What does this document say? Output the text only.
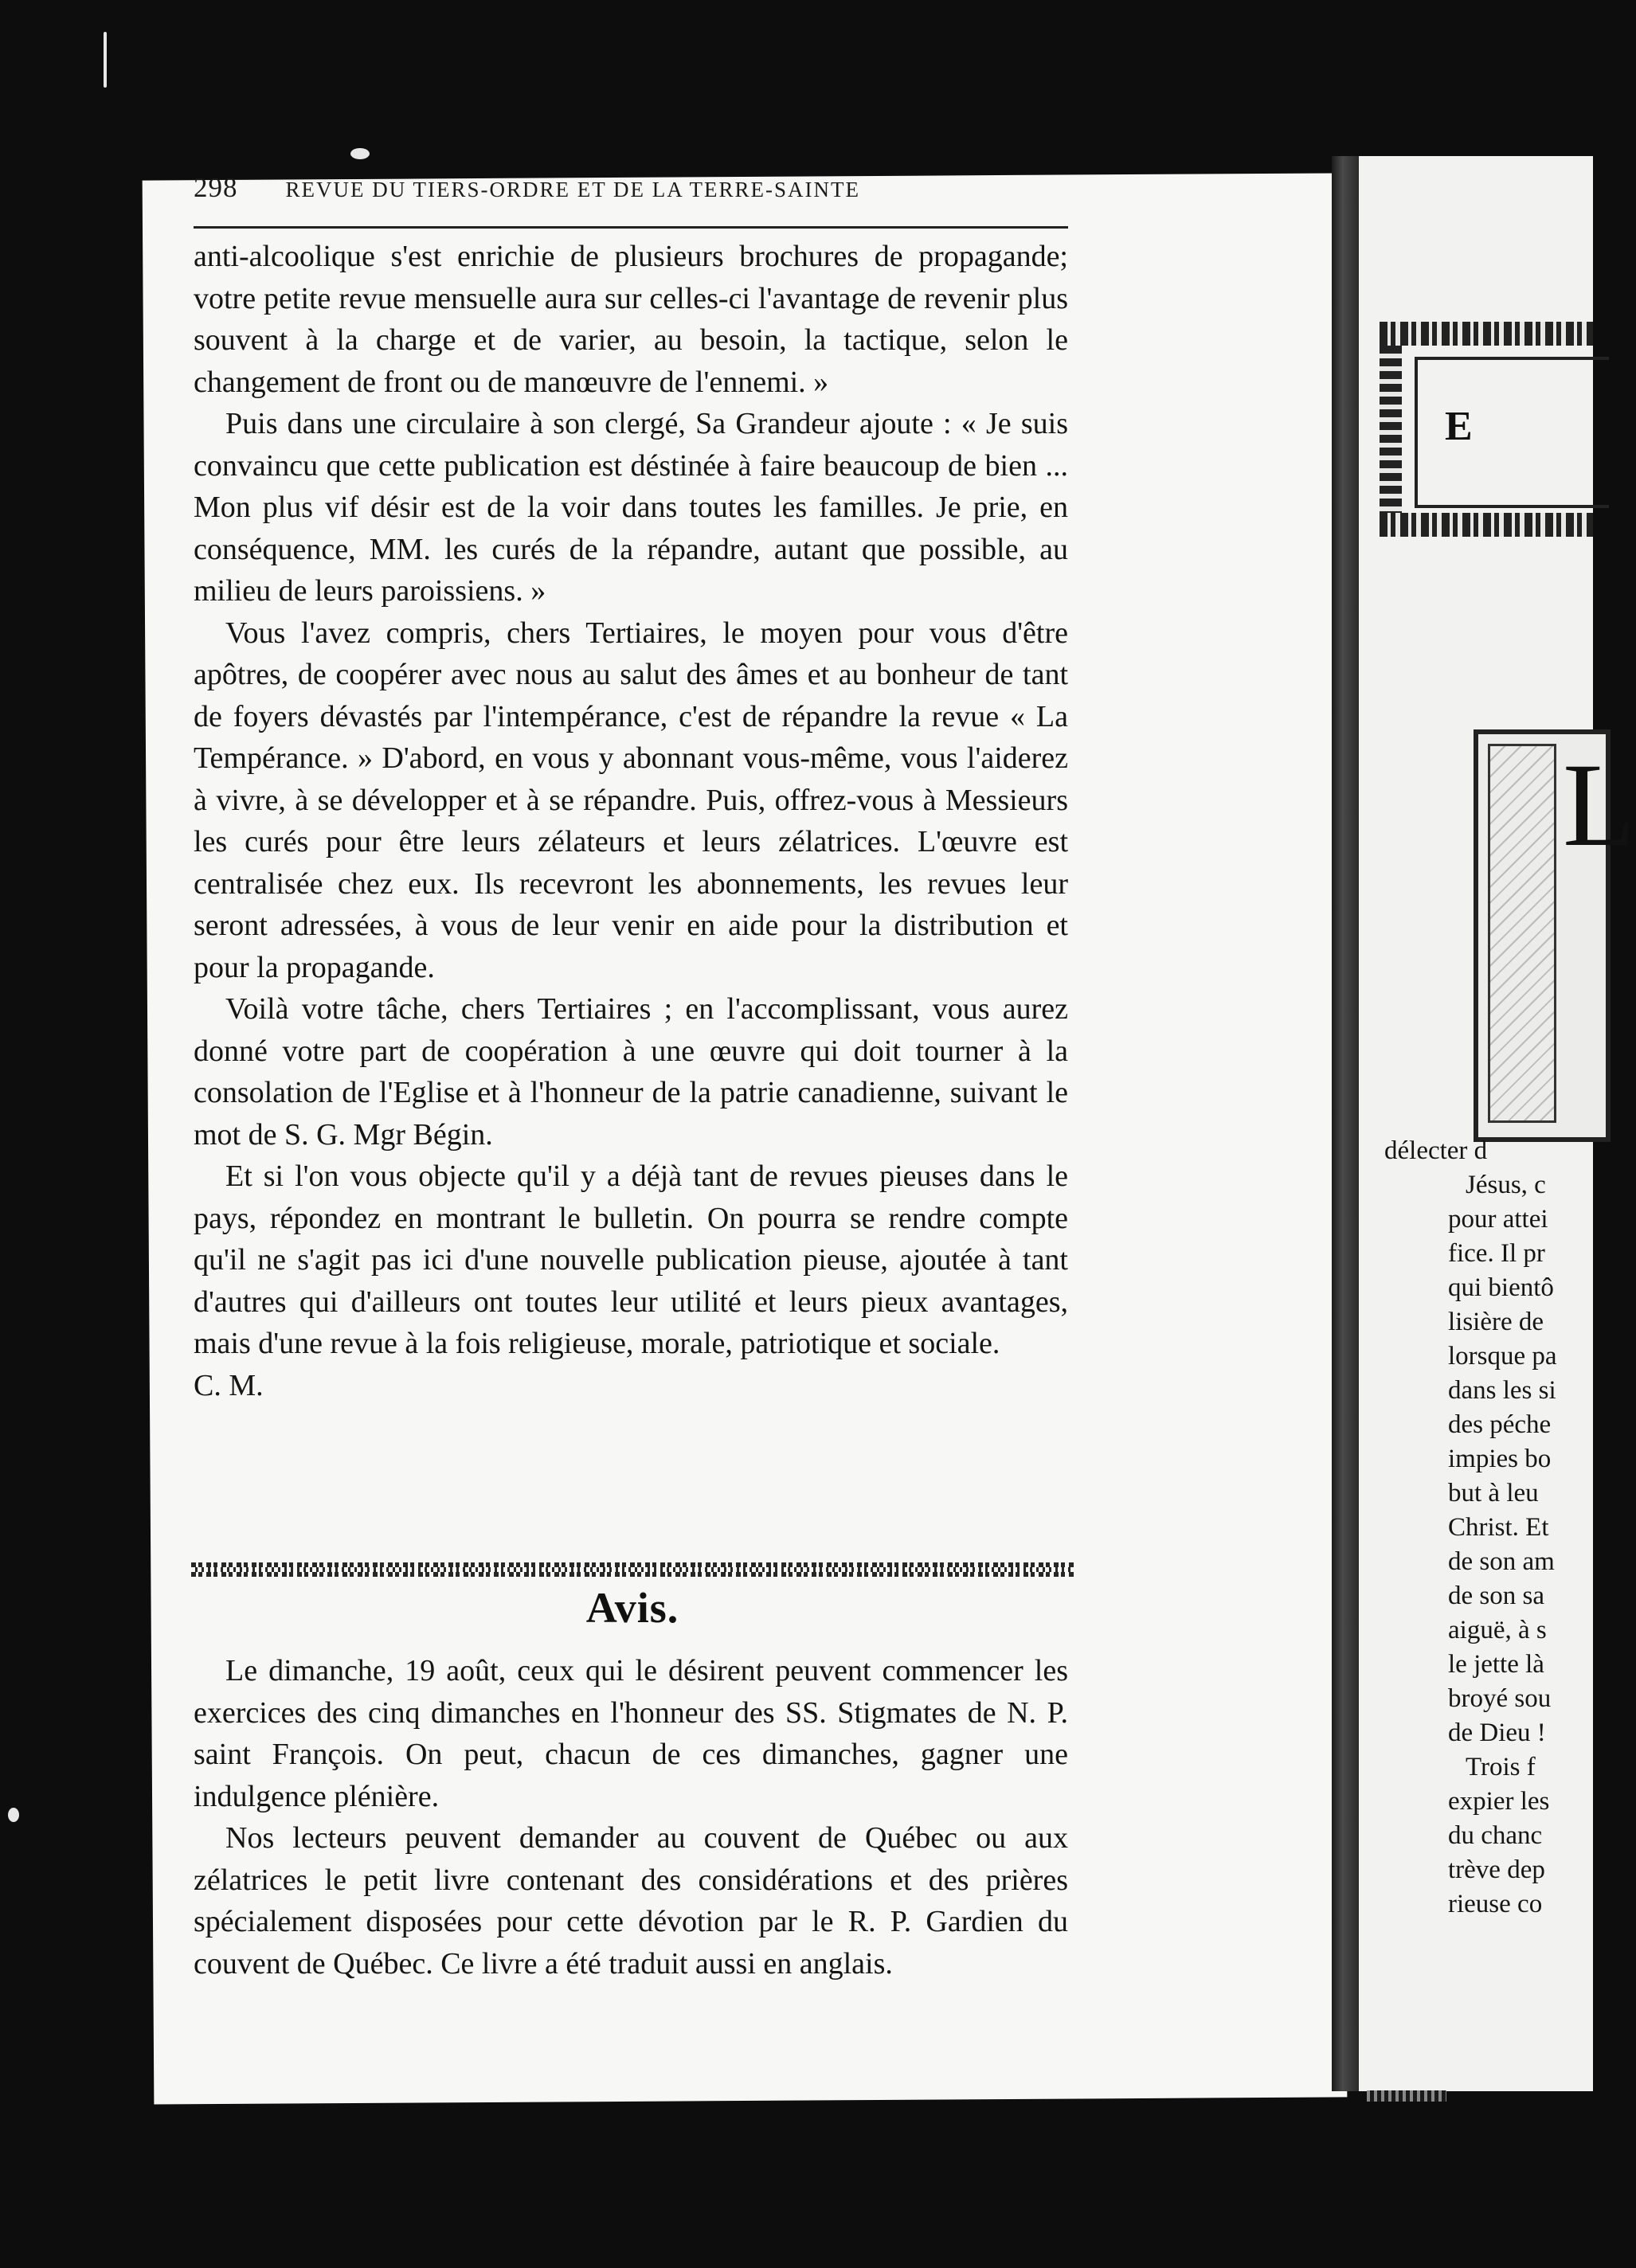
E
L
délecter d
Jésus, c
pour attei
fice. Il pr
qui bientô
lisière de
lorsque pa
dans les si
des péche
impies bo
but à leu
Christ. Et
de son am
de son sa
aiguë, à s
le jette là
broyé sou
de Dieu !
Trois f
expier les
du chanc
trève dep
rieuse co
298 REVUE DU TIERS-ORDRE ET DE LA TERRE-SAINTE

anti-alcoolique s'est enrichie de plusieurs brochures de propagande; votre petite revue mensuelle aura sur celles-ci l'avantage de revenir plus souvent à la charge et de varier, au besoin, la tactique, selon le changement de front ou de manœuvre de l'ennemi. »

Puis dans une circulaire à son clergé, Sa Grandeur ajoute : « Je suis convaincu que cette publication est déstinée à faire beaucoup de bien ... Mon plus vif désir est de la voir dans toutes les familles. Je prie, en conséquence, MM. les curés de la répandre, autant que possible, au milieu de leurs paroissiens. »

Vous l'avez compris, chers Tertiaires, le moyen pour vous d'être apôtres, de coopérer avec nous au salut des âmes et au bonheur de tant de foyers dévastés par l'intempérance, c'est de répandre la revue « La Tempérance. » D'abord, en vous y abonnant vous-même, vous l'aiderez à vivre, à se développer et à se répandre. Puis, offrez-vous à Messieurs les curés pour être leurs zélateurs et leurs zélatrices. L'œuvre est centralisée chez eux. Ils recevront les abonnements, les revues leur seront adressées, à vous de leur venir en aide pour la distribution et pour la propagande.

Voilà votre tâche, chers Tertiaires ; en l'accomplissant, vous aurez donné votre part de coopération à une œuvre qui doit tourner à la consolation de l'Eglise et à l'honneur de la patrie canadienne, suivant le mot de S. G. Mgr Bégin.

Et si l'on vous objecte qu'il y a déjà tant de revues pieuses dans le pays, répondez en montrant le bulletin. On pourra se rendre compte qu'il ne s'agit pas ici d'une nouvelle publication pieuse, ajoutée à tant d'autres qui d'ailleurs ont toutes leur utilité et leurs pieux avantages, mais d'une revue à la fois religieuse, morale, patriotique et sociale.

C. M.

Avis.

Le dimanche, 19 août, ceux qui le désirent peuvent commencer les exercices des cinq dimanches en l'honneur des SS. Stigmates de N. P. saint François. On peut, chacun de ces dimanches, gagner une indulgence plénière.

Nos lecteurs peuvent demander au couvent de Québec ou aux zélatrices le petit livre contenant des considérations et des prières spécialement disposées pour cette dévotion par le R. P. Gardien du couvent de Québec. Ce livre a été traduit aussi en anglais.
